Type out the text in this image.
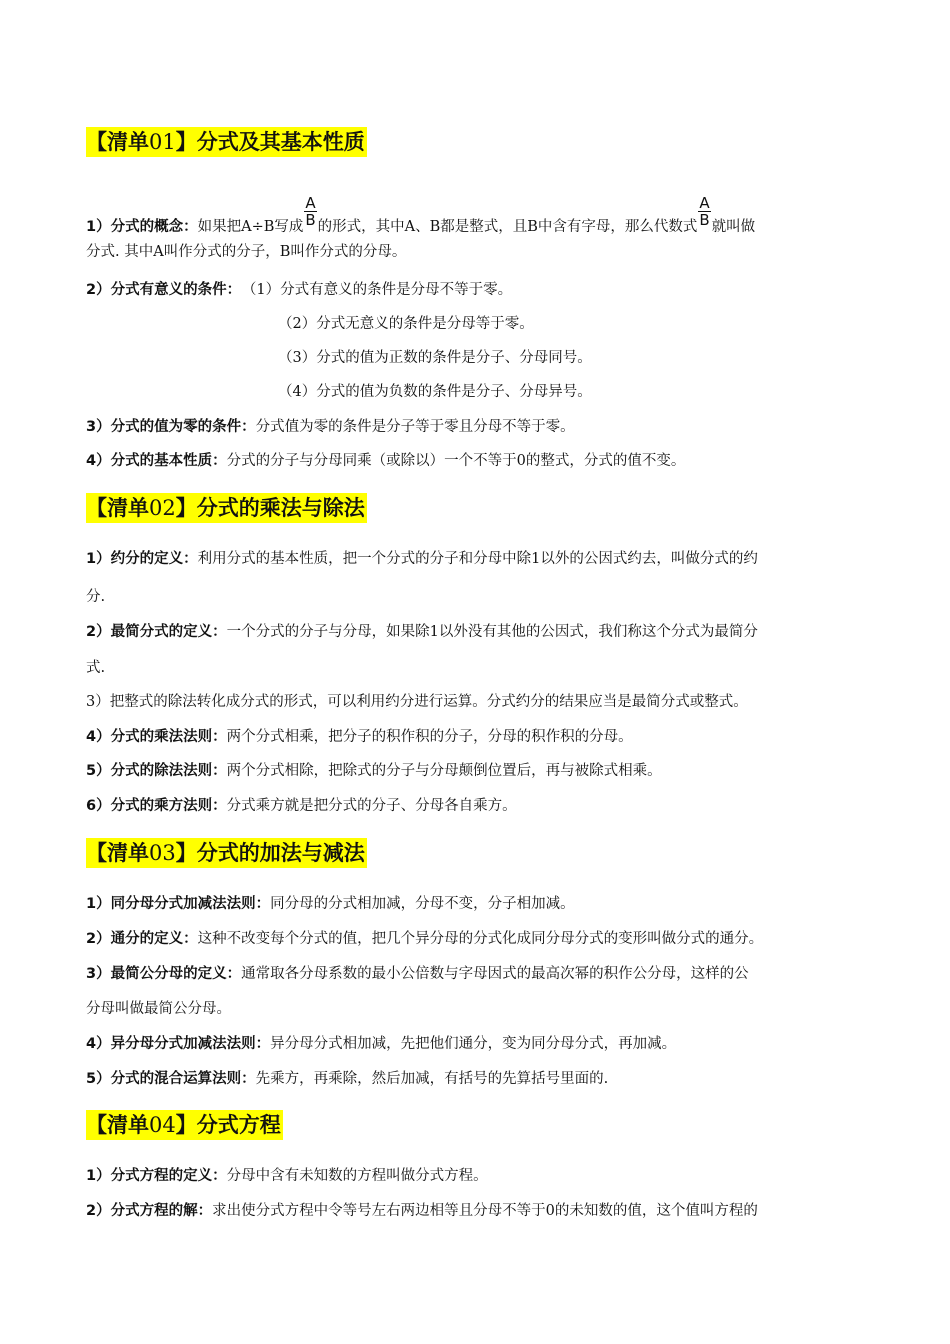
【清单01】分式及其基本性质
1）分式的概念：如果把A÷B写成 $\frac{A}{B}$ 的形式，其中A、B都是整式，且B中含有字母，那么代数式 $\frac{A}{B}$ 就叫做
分式. 其中A叫作分式的分子，B叫作分式的分母。
2）分式有意义的条件： （1）分式有意义的条件是分母不等于零。
（2）分式无意义的条件是分母等于零。
（3）分式的值为正数的条件是分子、分母同号。
（4）分式的值为负数的条件是分子、分母异号。
3）分式的值为零的条件：分式值为零的条件是分子等于零且分母不等于零。
4）分式的基本性质：分式的分子与分母同乘（或除以）一个不等于0的整式，分式的值不变。
【清单02】分式的乘法与除法
1）约分的定义：利用分式的基本性质，把一个分式的分子和分母中除1以外的公因式约去，叫做分式的约
分.
2）最简分式的定义：一个分式的分子与分母，如果除1以外没有其他的公因式，我们称这个分式为最简分
式.
3）把整式的除法转化成分式的形式，可以利用约分进行运算。分式约分的结果应当是最简分式或整式。
4）分式的乘法法则：两个分式相乘，把分子的积作积的分子，分母的积作积的分母。
5）分式的除法法则：两个分式相除，把除式的分子与分母颠倒位置后，再与被除式相乘。
6）分式的乘方法则：分式乘方就是把分式的分子、分母各自乘方。
【清单03】分式的加法与减法
1）同分母分式加减法法则：同分母的分式相加减，分母不变，分子相加减。
2）通分的定义：这种不改变每个分式的值，把几个异分母的分式化成同分母分式的变形叫做分式的通分。
3）最简公分母的定义：通常取各分母系数的最小公倍数与字母因式的最高次幂的积作公分母，这样的公
分母叫做最简公分母。
4）异分母分式加减法法则：异分母分式相加减，先把他们通分，变为同分母分式，再加减。
5）分式的混合运算法则：先乘方，再乘除，然后加减，有括号的先算括号里面的.
【清单04】分式方程
1）分式方程的定义：分母中含有未知数的方程叫做分式方程。
2）分式方程的解：求出使分式方程中令等号左右两边相等且分母不等于0的未知数的值，这个值叫方程的
